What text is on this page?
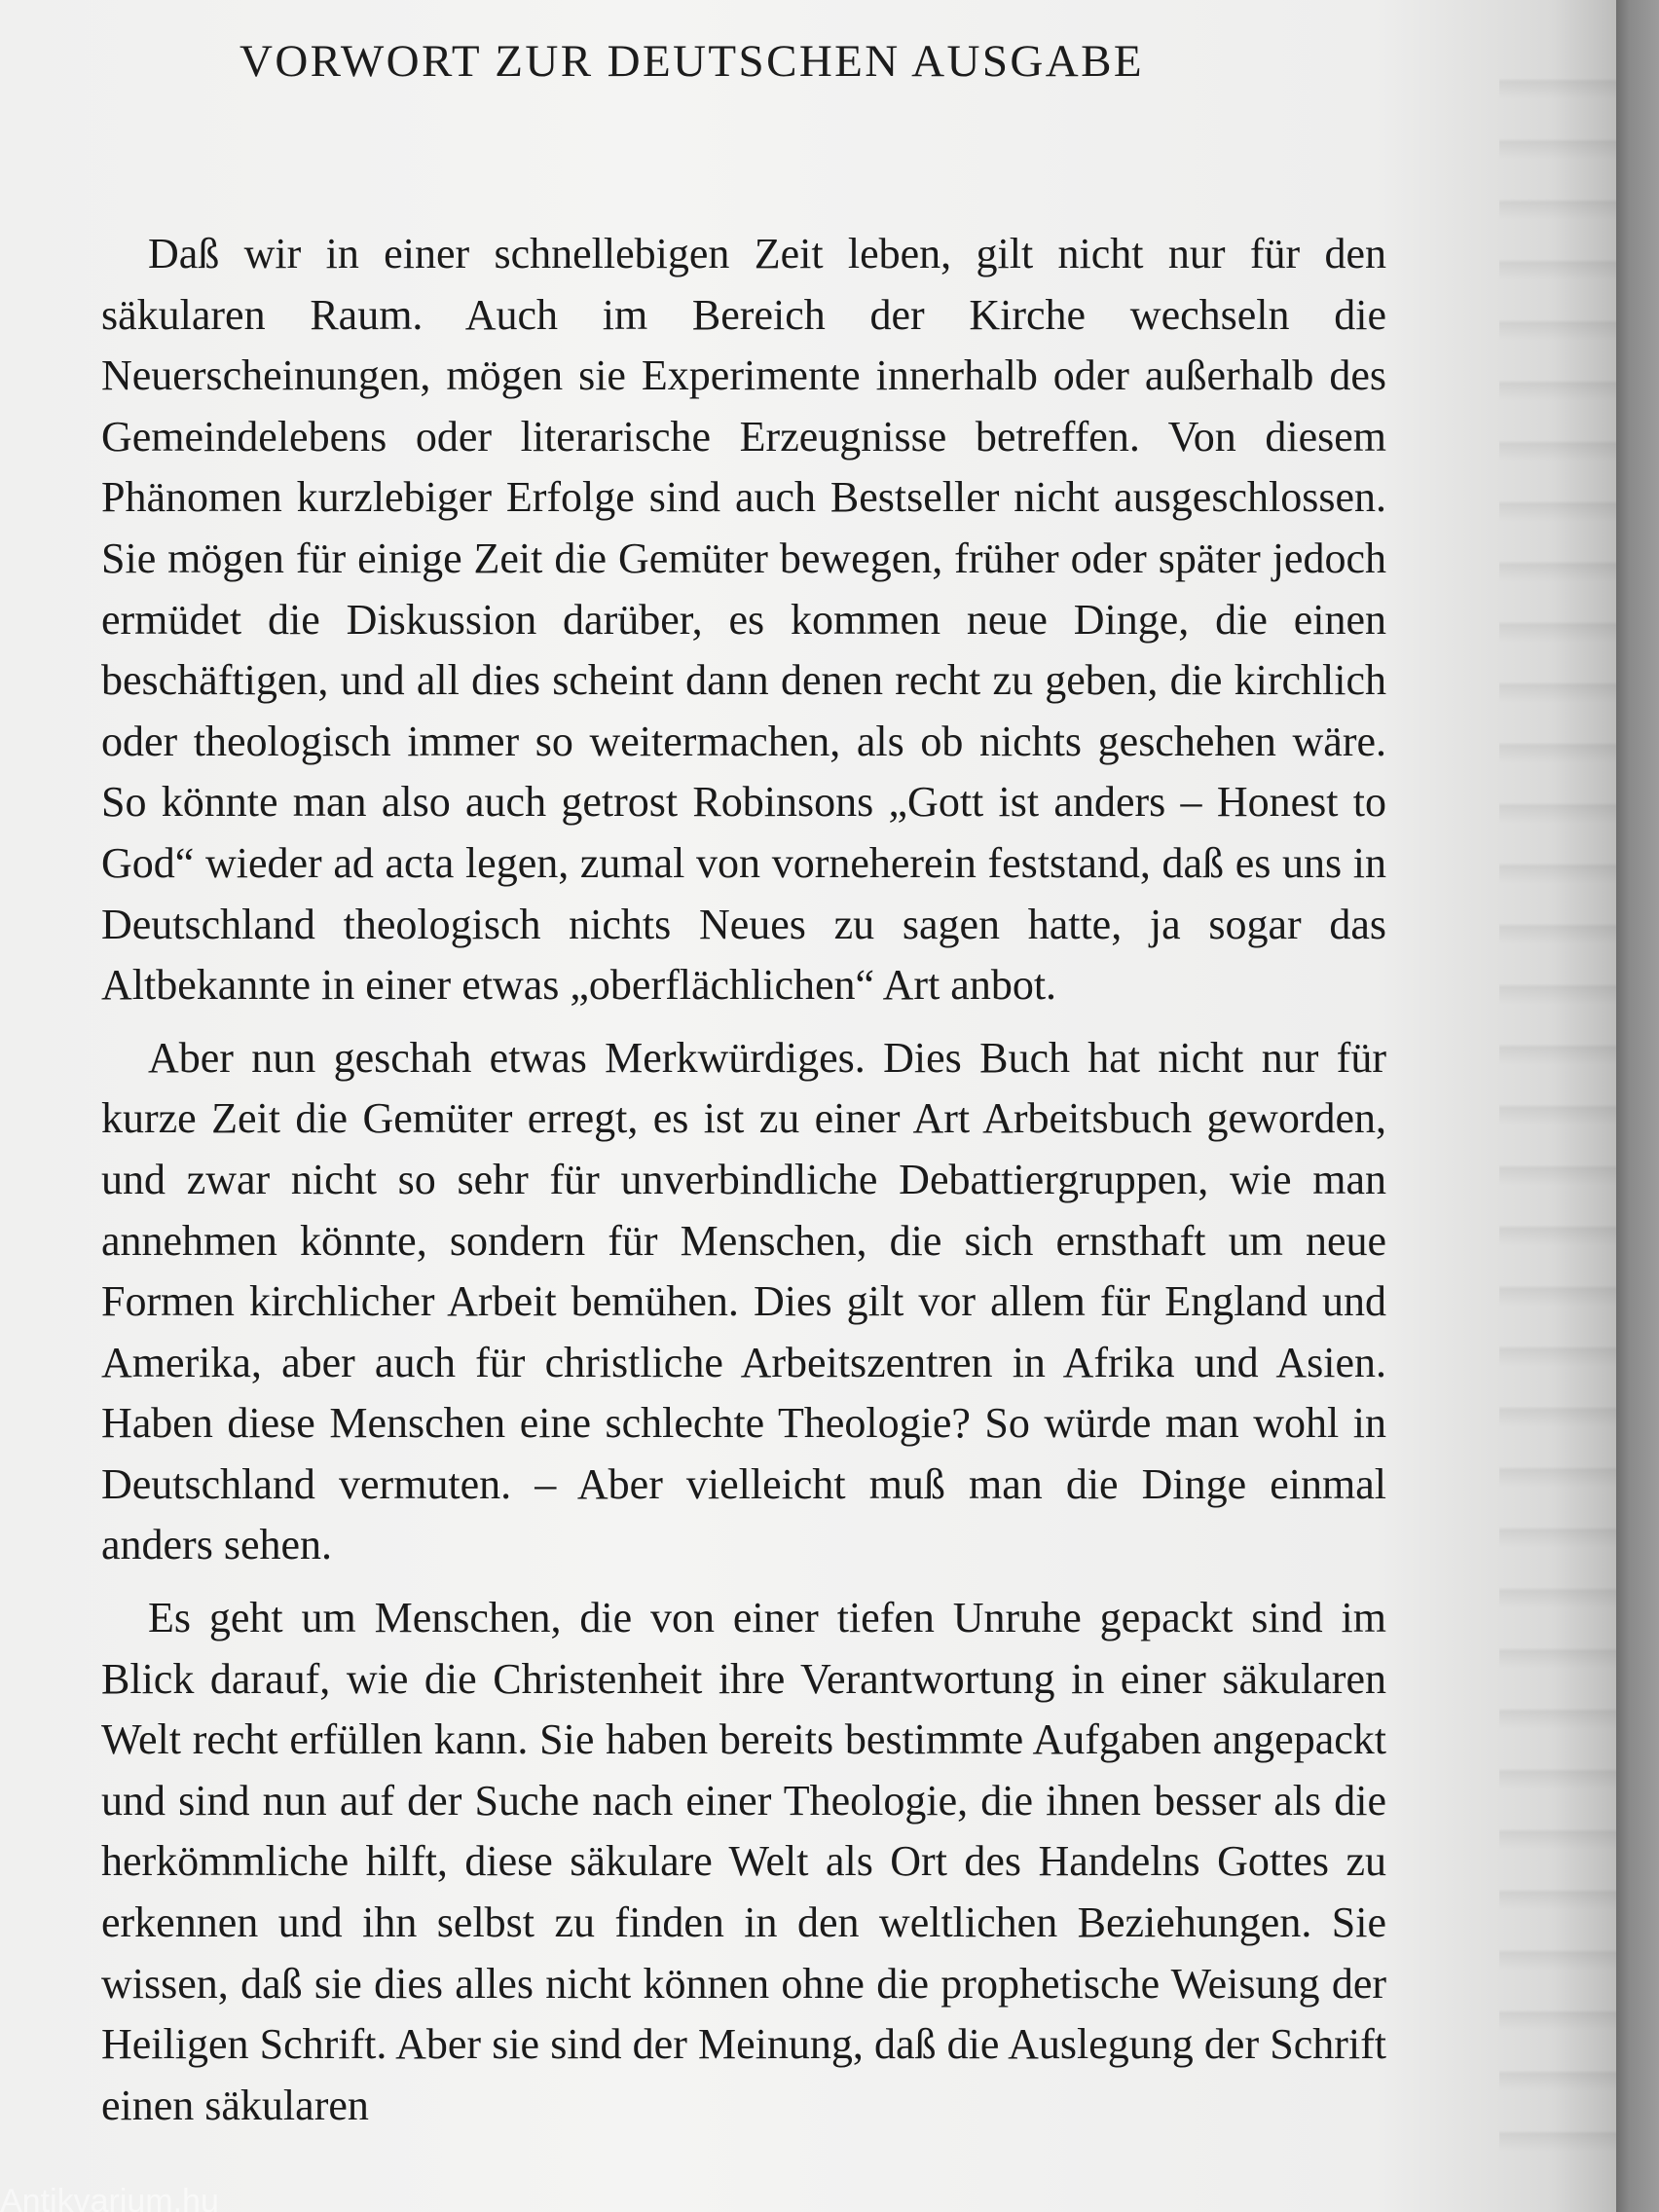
VORWORT ZUR DEUTSCHEN AUSGABE

Daß wir in einer schnellebigen Zeit leben, gilt nicht nur für den säkularen Raum. Auch im Bereich der Kirche wechseln die Neuerscheinungen, mögen sie Experimente innerhalb oder außerhalb des Gemeindelebens oder literarische Erzeugnisse betreffen. Von diesem Phänomen kurzlebiger Erfolge sind auch Bestseller nicht ausgeschlossen. Sie mögen für einige Zeit die Gemüter bewegen, früher oder später jedoch ermüdet die Diskussion darüber, es kommen neue Dinge, die einen beschäftigen, und all dies scheint dann denen recht zu geben, die kirchlich oder theologisch immer so weitermachen, als ob nichts geschehen wäre. So könnte man also auch getrost Robinsons „Gott ist anders – Honest to God“ wieder ad acta legen, zumal von vorneherein feststand, daß es uns in Deutschland theologisch nichts Neues zu sagen hatte, ja sogar das Altbekannte in einer etwas „oberflächlichen“ Art anbot.

Aber nun geschah etwas Merkwürdiges. Dies Buch hat nicht nur für kurze Zeit die Gemüter erregt, es ist zu einer Art Arbeitsbuch geworden, und zwar nicht so sehr für unverbindliche Debattiergruppen, wie man annehmen könnte, sondern für Menschen, die sich ernsthaft um neue Formen kirchlicher Arbeit bemühen. Dies gilt vor allem für England und Amerika, aber auch für christliche Arbeitszentren in Afrika und Asien. Haben diese Menschen eine schlechte Theologie? So würde man wohl in Deutschland vermuten. – Aber vielleicht muß man die Dinge einmal anders sehen.

Es geht um Menschen, die von einer tiefen Unruhe gepackt sind im Blick darauf, wie die Christenheit ihre Verantwortung in einer säkularen Welt recht erfüllen kann. Sie haben bereits bestimmte Aufgaben angepackt und sind nun auf der Suche nach einer Theologie, die ihnen besser als die herkömmliche hilft, diese säkulare Welt als Ort des Handelns Gottes zu erkennen und ihn selbst zu finden in den weltlichen Beziehungen. Sie wissen, daß sie dies alles nicht können ohne die prophetische Weisung der Heiligen Schrift. Aber sie sind der Meinung, daß die Auslegung der Schrift einen säkularen

Antikvarium.hu
